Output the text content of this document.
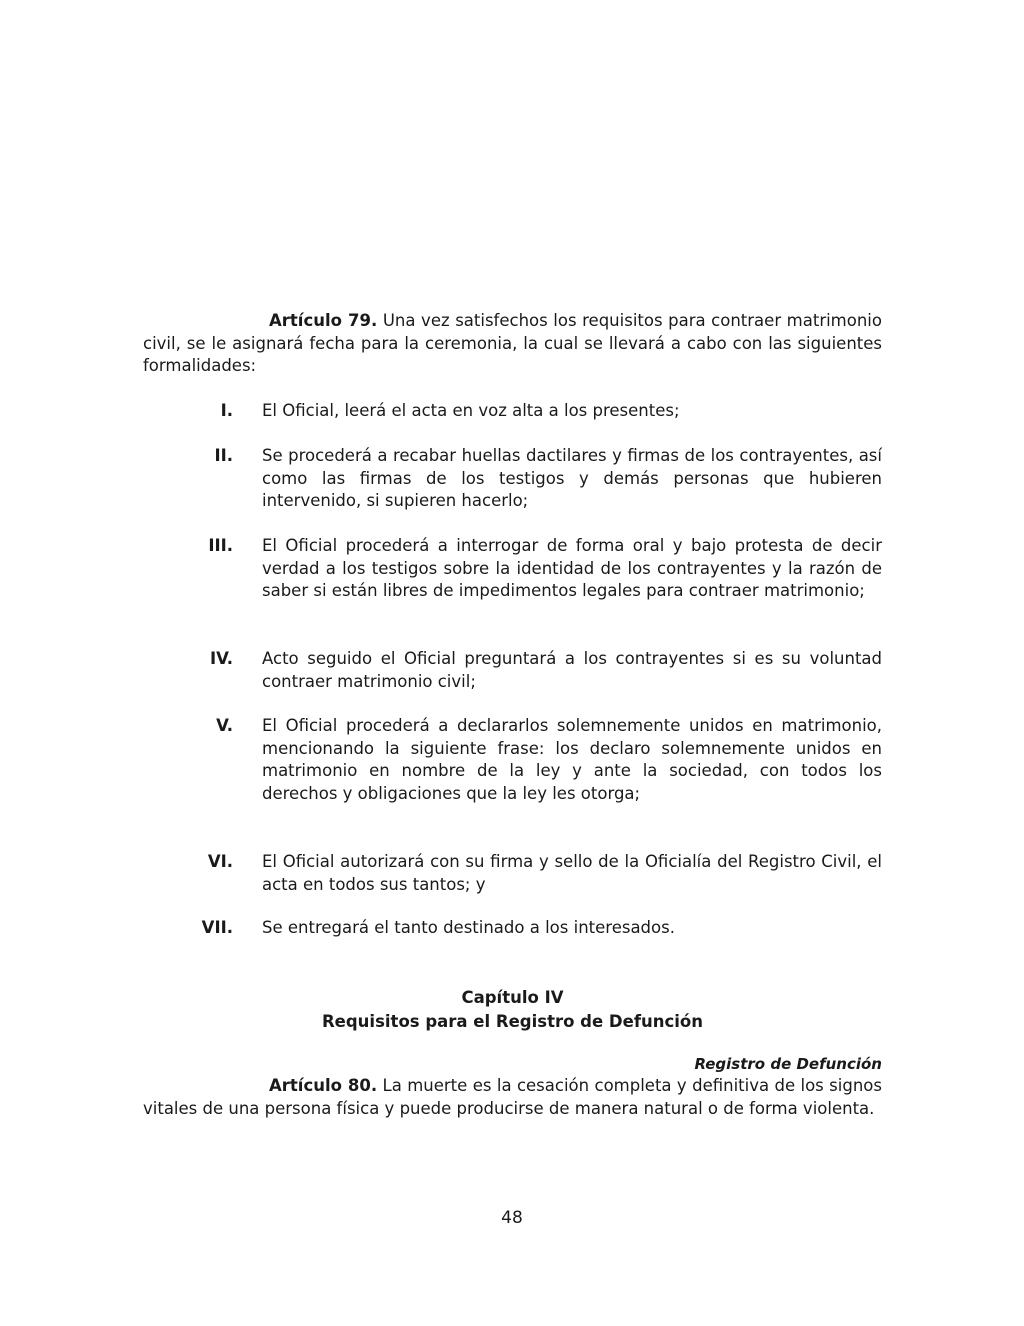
Artículo 79. Una vez satisfechos los requisitos para contraer matrimonio civil, se le asignará fecha para la ceremonia, la cual se llevará a cabo con las siguientes formalidades:
I. El Oficial, leerá el acta en voz alta a los presentes;
II. Se procederá a recabar huellas dactilares y firmas de los contrayentes, así como las firmas de los testigos y demás personas que hubieren intervenido, si supieren hacerlo;
III. El Oficial procederá a interrogar de forma oral y bajo protesta de decir verdad a los testigos sobre la identidad de los contrayentes y la razón de saber si están libres de impedimentos legales para contraer matrimonio;
IV. Acto seguido el Oficial preguntará a los contrayentes si es su voluntad contraer matrimonio civil;
V. El Oficial procederá a declararlos solemnemente unidos en matrimonio, mencionando la siguiente frase: los declaro solemnemente unidos en matrimonio en nombre de la ley y ante la sociedad, con todos los derechos y obligaciones que la ley les otorga;
VI. El Oficial autorizará con su firma y sello de la Oficialía del Registro Civil, el acta en todos sus tantos; y
VII. Se entregará el tanto destinado a los interesados.
Capítulo IV
Requisitos para el Registro de Defunción
Registro de Defunción
Artículo 80. La muerte es la cesación completa y definitiva de los signos vitales de una persona física y puede producirse de manera natural o de forma violenta.
48
